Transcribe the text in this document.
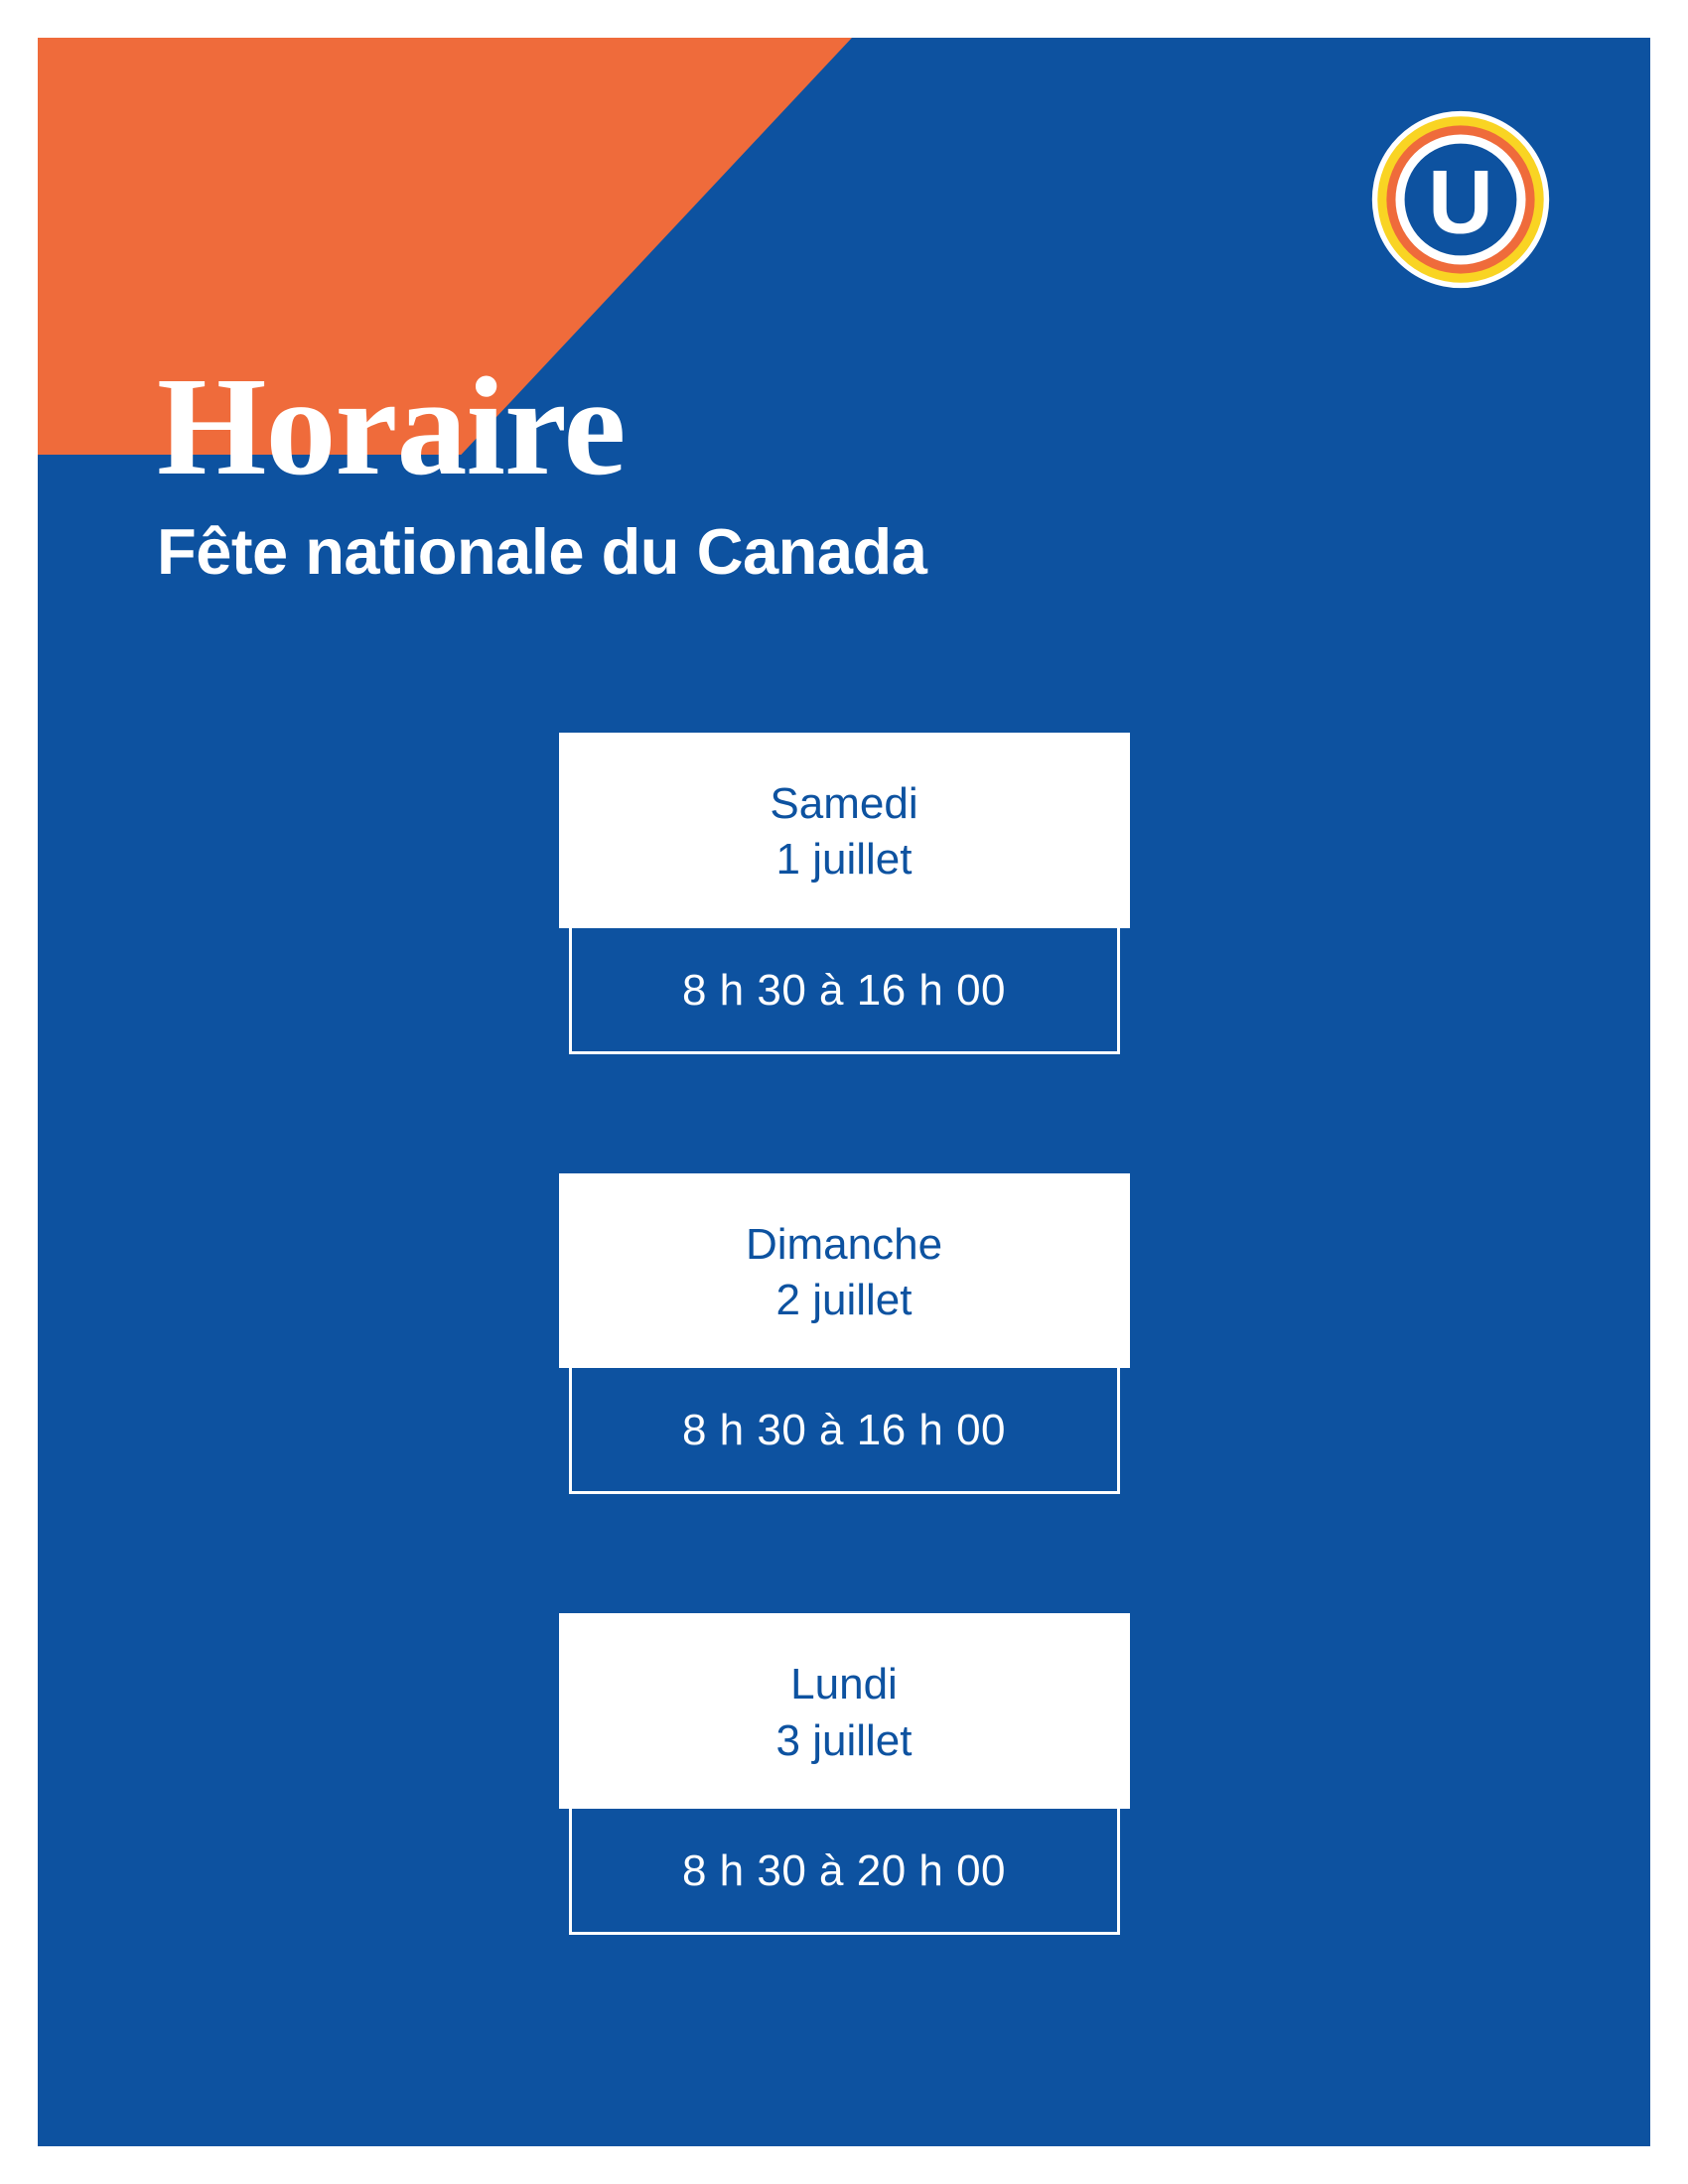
U
Horaire
Fête nationale du Canada
Samedi
1 juillet
8 h 30 à 16 h 00
Dimanche
2 juillet
8 h 30 à 16 h 00
Lundi
3 juillet
8 h 30 à 20 h 00
